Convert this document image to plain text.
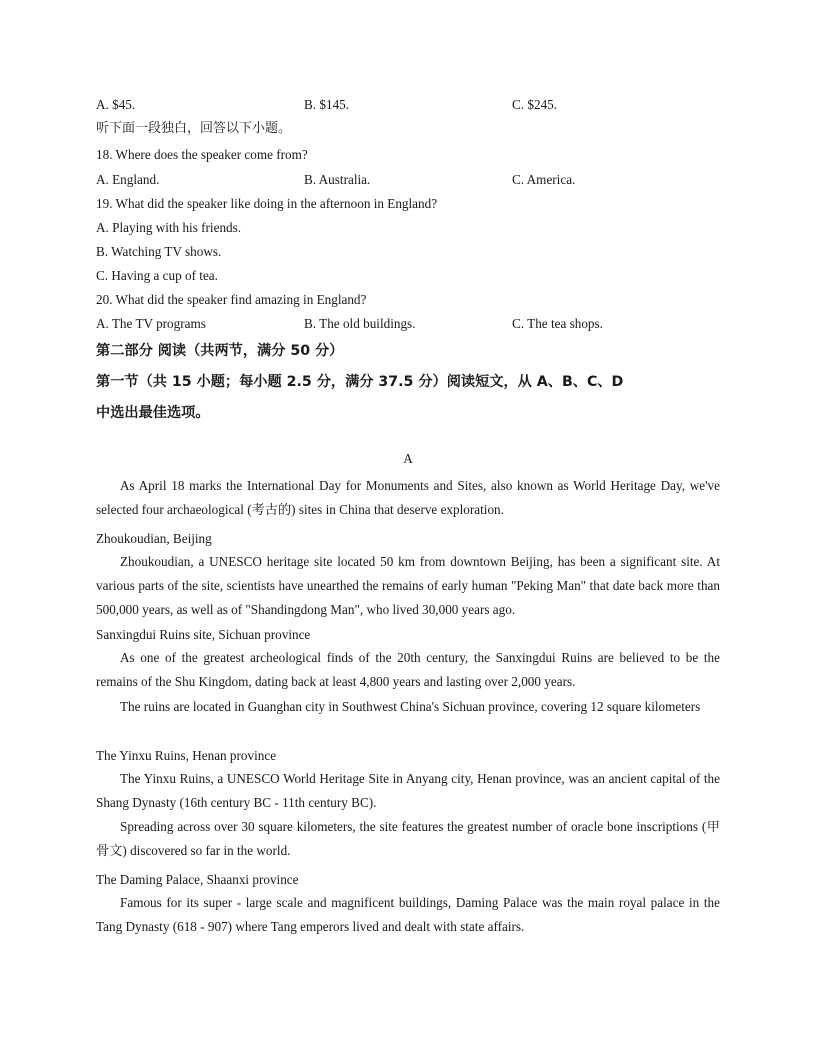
A. $45.	B. $145.	C. $245.
听下面一段独白，回答以下小题。
18. Where does the speaker come from?
A. England.	B. Australia.	C. America.
19. What did the speaker like doing in the afternoon in England?
A. Playing with his friends.
B. Watching TV shows.
C. Having a cup of tea.
20. What did the speaker find amazing in England?
A. The TV programs	B. The old buildings.	C. The tea shops.
第二部分 阅读（共两节，满分 50 分）
第一节（共 15 小题；每小题 2.5 分，满分 37.5 分）阅读短文，从 A、B、C、D
中选出最佳选项。
A

As April 18 marks the International Day for Monuments and Sites, also known as World Heritage Day, we've selected four archaeological (考古的) sites in China that deserve exploration.

Zhoukoudian, Beijing

Zhoukoudian, a UNESCO heritage site located 50 km from downtown Beijing, has been a significant site. At various parts of the site, scientists have unearthed the remains of early human "Peking Man" that date back more than 500,000 years, as well as of "Shandingdong Man", who lived 30,000 years ago.

Sanxingdui Ruins site, Sichuan province

As one of the greatest archeological finds of the 20th century, the Sanxingdui Ruins are believed to be the remains of the Shu Kingdom, dating back at least 4,800 years and lasting over 2,000 years.

The ruins are located in Guanghan city in Southwest China's Sichuan province, covering 12 square kilometers

The Yinxu Ruins, Henan province

The Yinxu Ruins, a UNESCO World Heritage Site in Anyang city, Henan province, was an ancient capital of the Shang Dynasty (16th century BC - 11th century BC).

Spreading across over 30 square kilometers, the site features the greatest number of oracle bone inscriptions (甲骨文) discovered so far in the world.

The Daming Palace, Shaanxi province

Famous for its super - large scale and magnificent buildings, Daming Palace was the main royal palace in the Tang Dynasty (618 - 907) where Tang emperors lived and dealt with state affairs.
